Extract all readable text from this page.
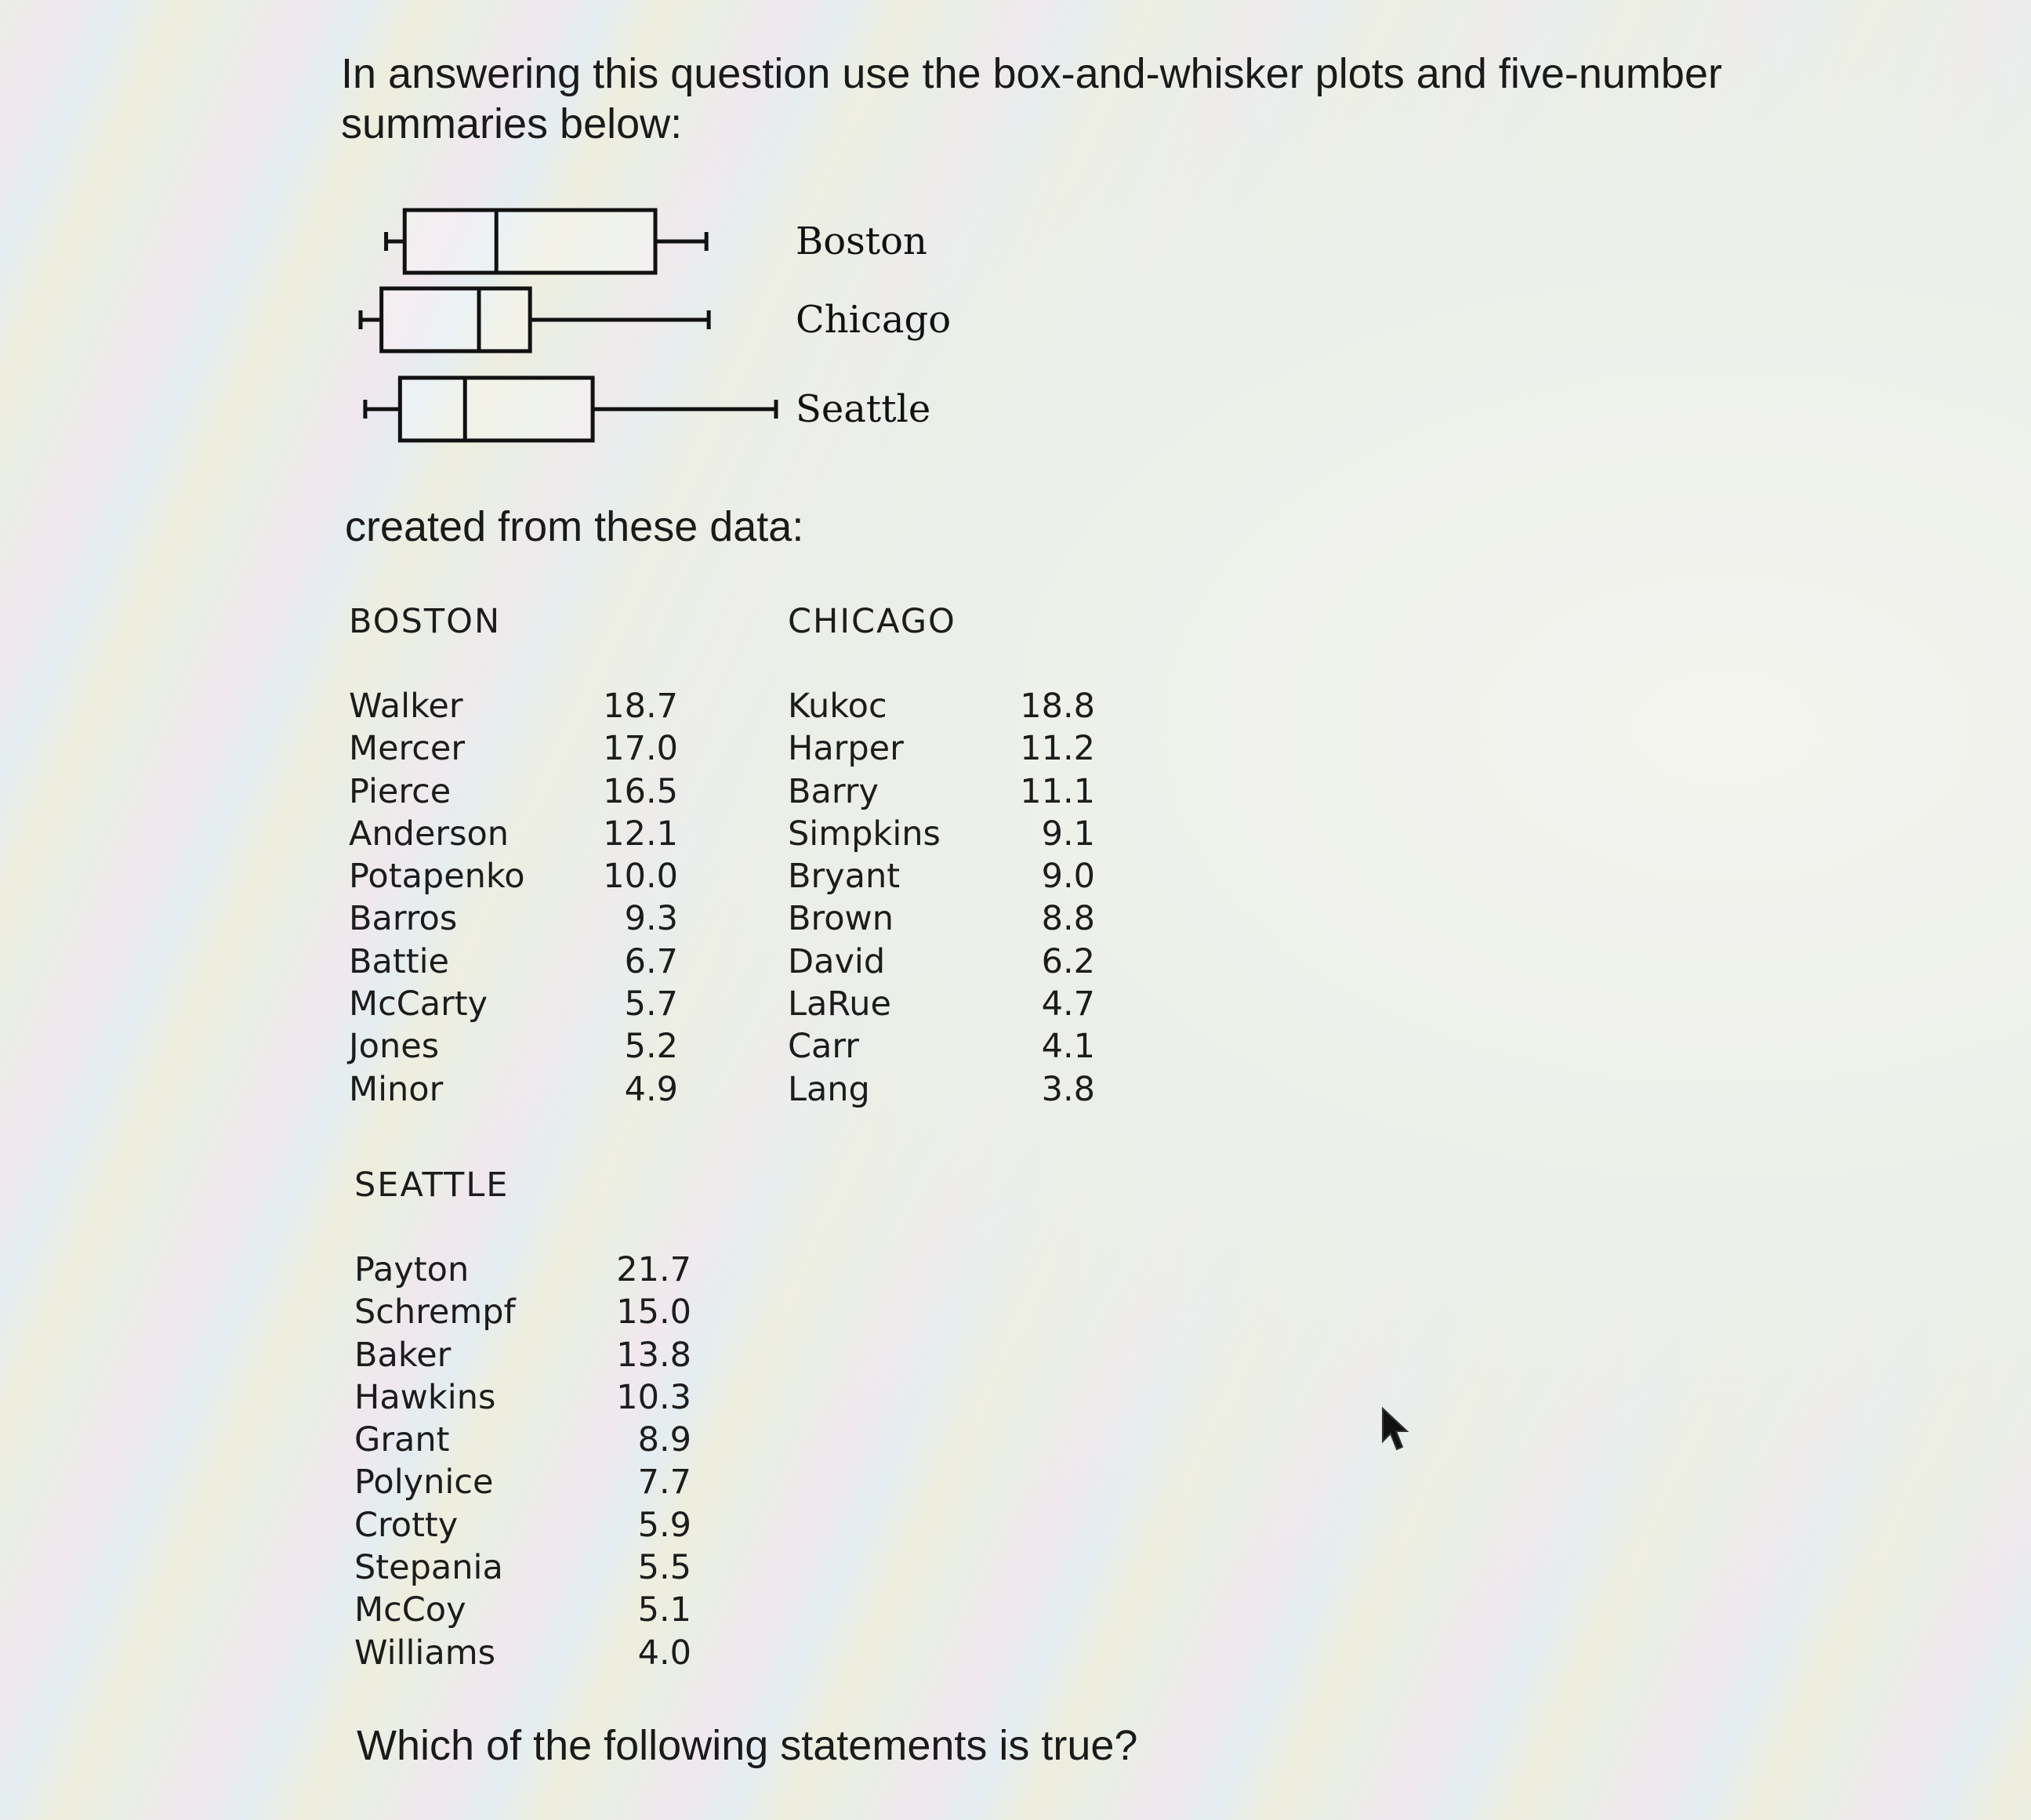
In answering this question use the box-and-whisker plots and five-number summaries below:

Boston
Chicago
Seattle

created from these data:

BOSTON
Walker	18.7
Mercer	17.0
Pierce	16.5
Anderson	12.1
Potapenko	10.0
Barros	9.3
Battie	6.7
McCarty	5.7
Jones	5.2
Minor	4.9
CHICAGO
Kukoc	18.8
Harper	11.2
Barry	11.1
Simpkins	9.1
Bryant	9.0
Brown	8.8
David	6.2
LaRue	4.7
Carr	4.1
Lang	3.8
SEATTLE
Payton	21.7
Schrempf	15.0
Baker	13.8
Hawkins	10.3
Grant	8.9
Polynice	7.7
Crotty	5.9
Stepania	5.5
McCoy	5.1
Williams	4.0

Which of the following statements is true?
